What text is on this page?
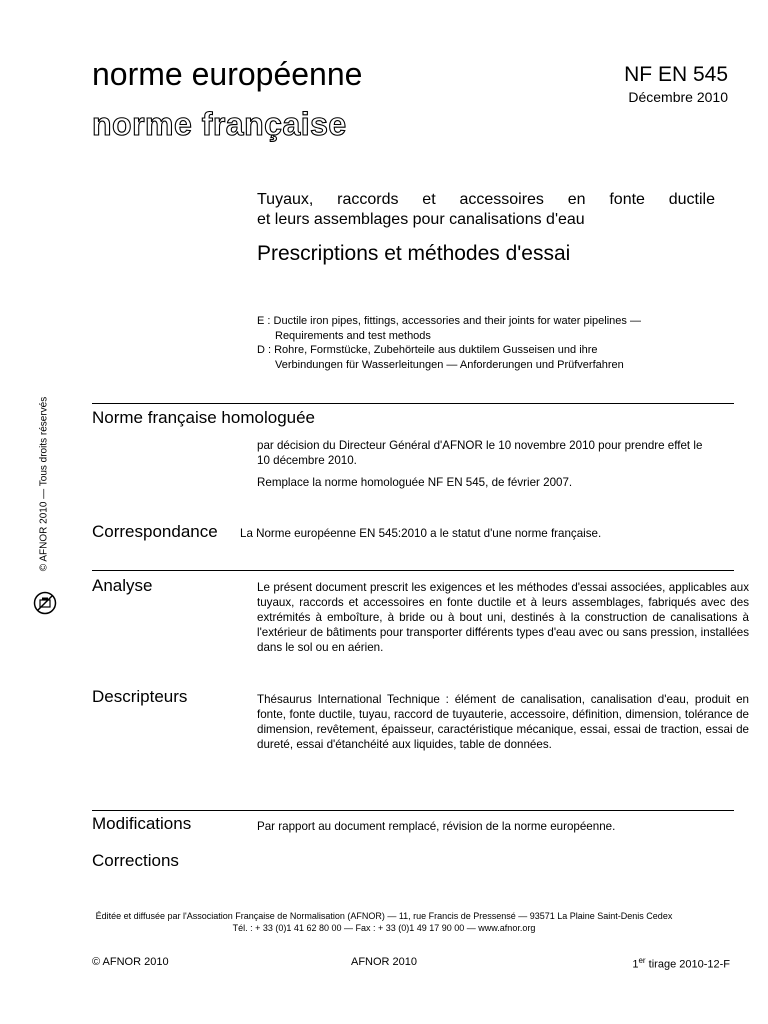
norme européenne
norme française
NF EN 545
Décembre 2010
Tuyaux, raccords et accessoires en fonte ductile
et leurs assemblages pour canalisations d'eau
Prescriptions et méthodes d'essai
E : Ductile iron pipes, fittings, accessories and their joints for water pipelines —
Requirements and test methods
D : Rohre, Formstücke, Zubehörteile aus duktilem Gusseisen und ihre
Verbindungen für Wasserleitungen — Anforderungen und Prüfverfahren
Norme française homologuée
par décision du Directeur Général d'AFNOR le 10 novembre 2010 pour prendre effet le
10 décembre 2010.
Remplace la norme homologuée NF EN 545, de février 2007.
Correspondance La Norme européenne EN 545:2010 a le statut d'une norme française.
Analyse	Le présent document prescrit les exigences et les méthodes d'essai associées, applicables aux tuyaux, raccords et accessoires en fonte ductile et à leurs assemblages, fabriqués avec des extrémités à emboîture, à bride ou à bout uni, destinés à la construction de canalisations à l'extérieur de bâtiments pour transporter différents types d'eau avec ou sans pression, installées dans le sol ou en aérien.
Descripteurs	Thésaurus International Technique : élément de canalisation, canalisation d'eau, produit en fonte, fonte ductile, tuyau, raccord de tuyauterie, accessoire, définition, dimension, tolérance de dimension, revêtement, épaisseur, caractéristique mécanique, essai, essai de traction, essai de dureté, essai d'étanchéité aux liquides, table de données.
Modifications	Par rapport au document remplacé, révision de la norme européenne.
Corrections
Éditée et diffusée par l'Association Française de Normalisation (AFNOR) — 11, rue Francis de Pressensé — 93571 La Plaine Saint-Denis Cedex
Tél. : + 33 (0)1 41 62 80 00 — Fax : + 33 (0)1 49 17 90 00 — www.afnor.org
© AFNOR 2010	AFNOR 2010	1er tirage 2010-12-F
© AFNOR 2010 — Tous droits réservés
